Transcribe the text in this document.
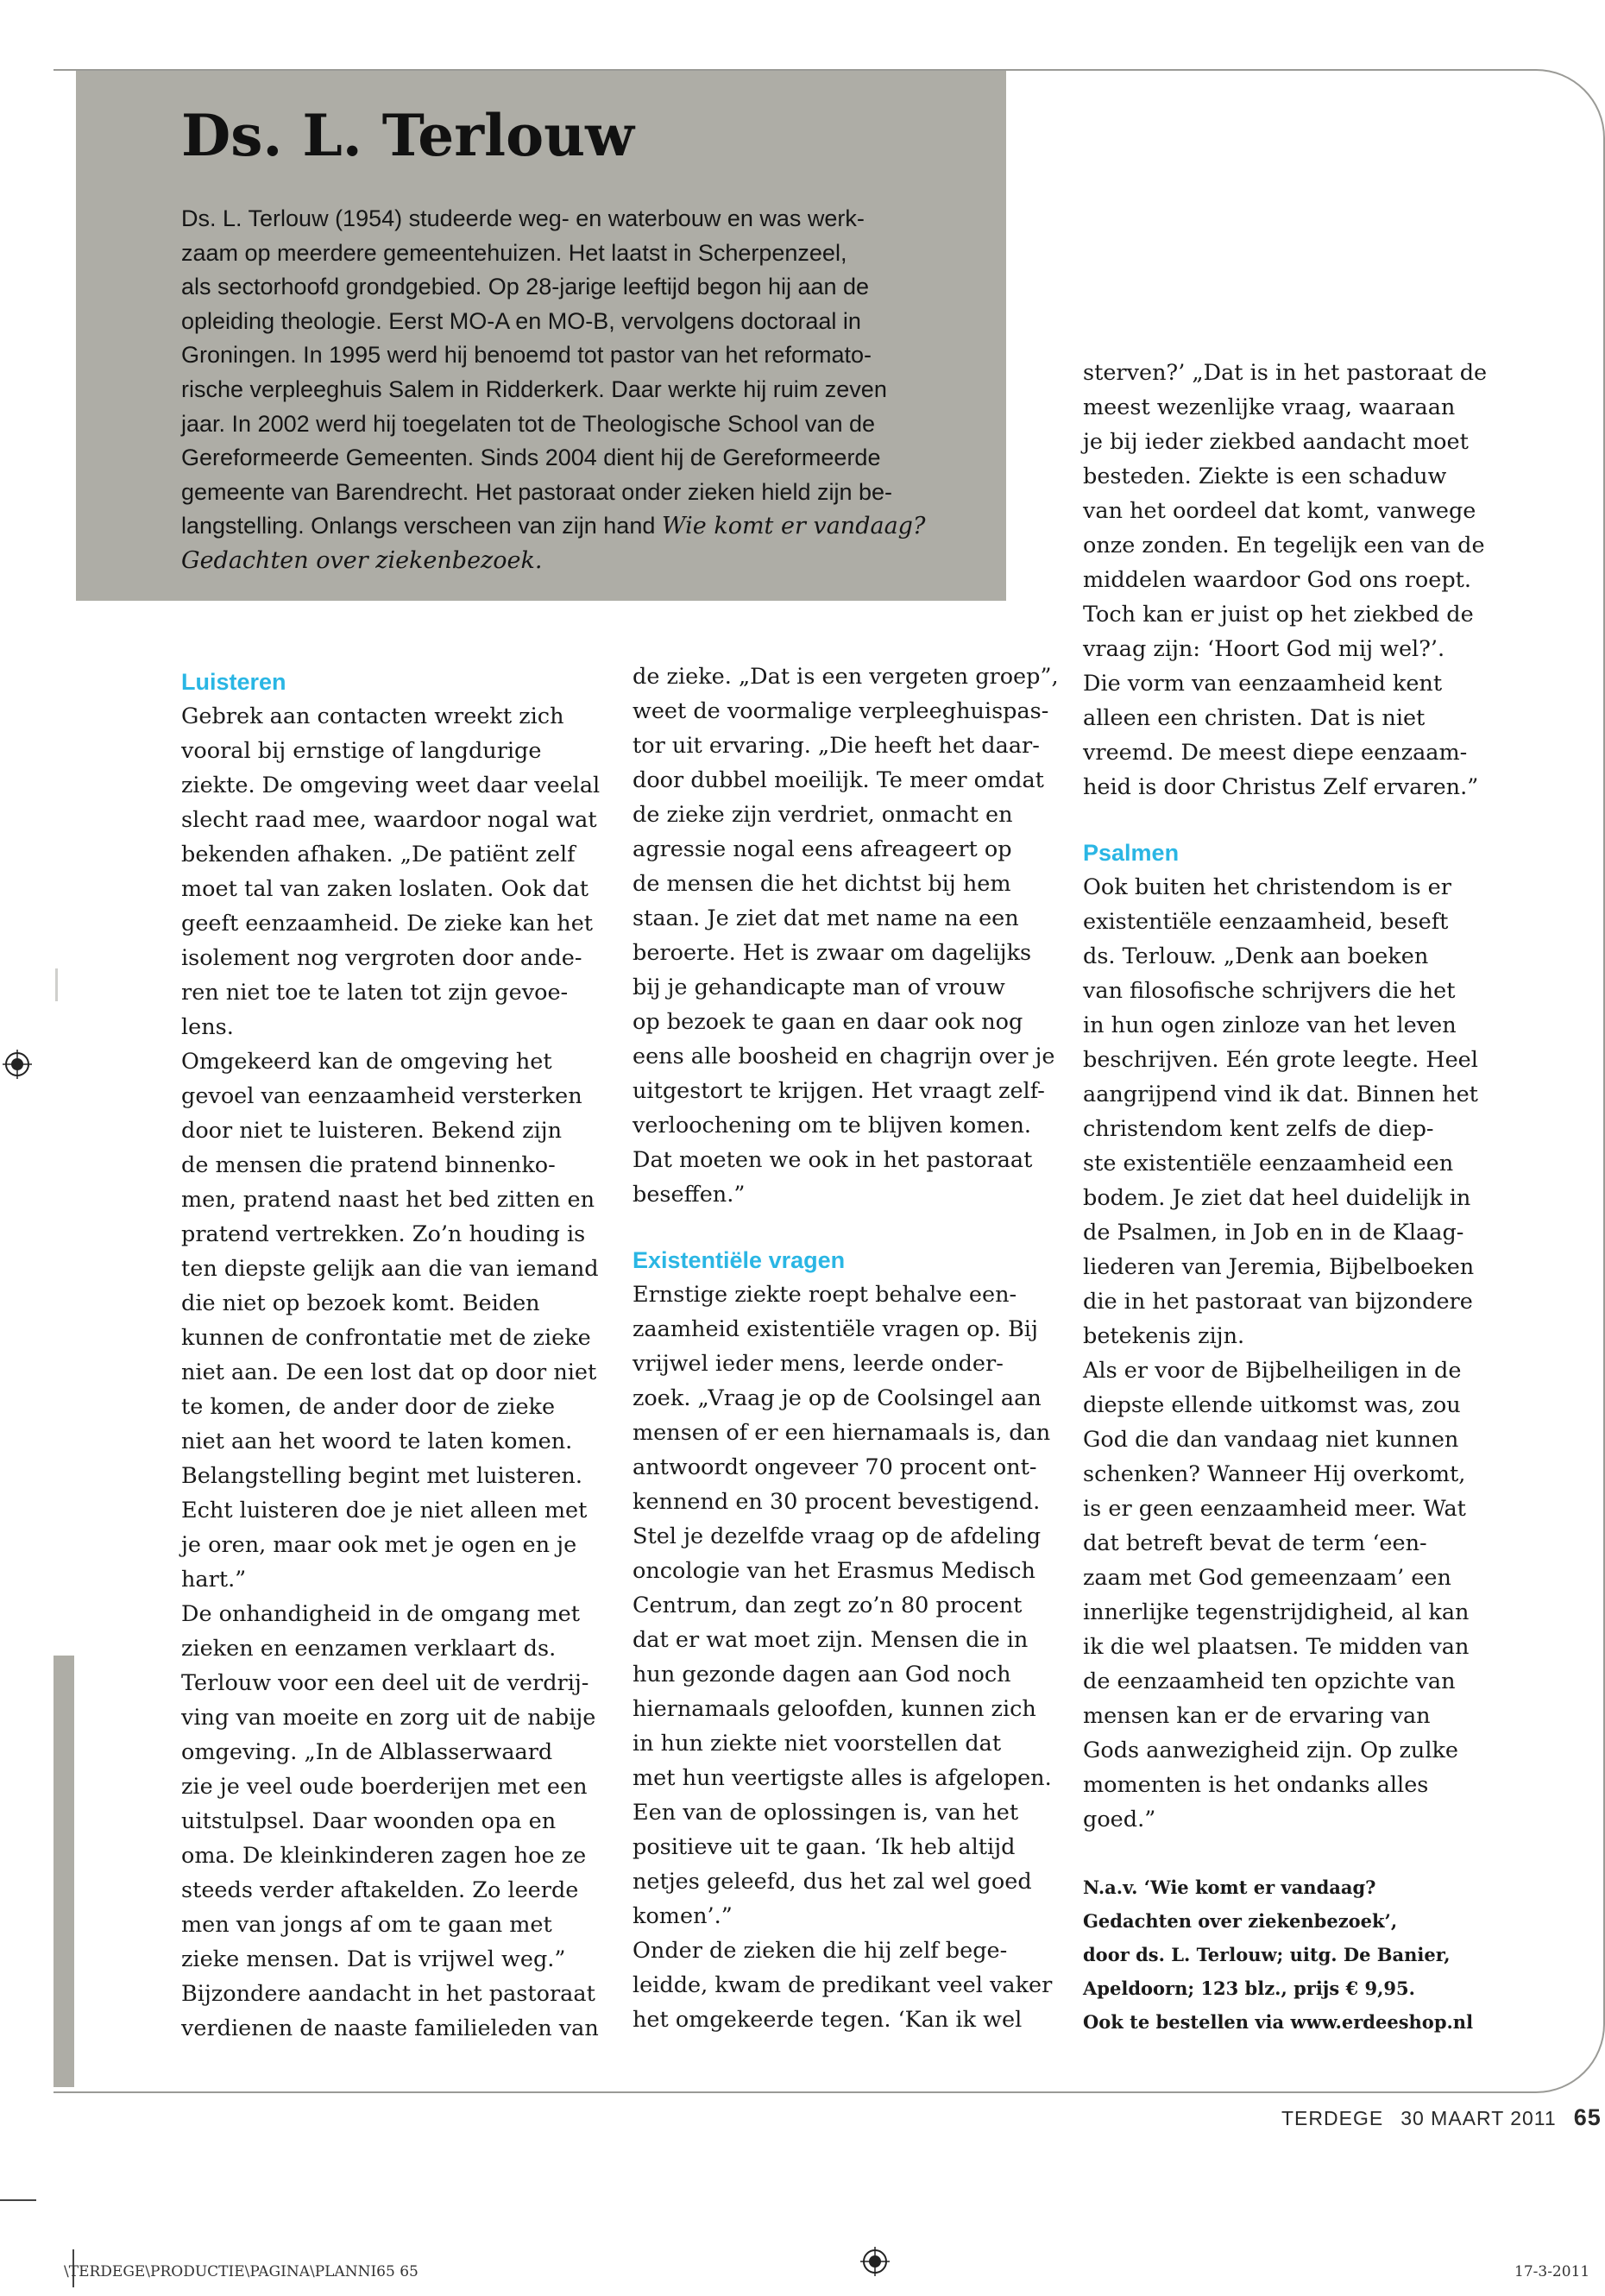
Ds. L. Terlouw

Ds. L. Terlouw (1954) studeerde weg- en waterbouw en was werk-
zaam op meerdere gemeentehuizen. Het laatst in Scherpenzeel,
als sectorhoofd grondgebied. Op 28-jarige leeftijd begon hij aan de
opleiding theologie. Eerst MO-A en MO-B, vervolgens doctoraal in
Groningen. In 1995 werd hij benoemd tot pastor van het reformato-
rische verpleeghuis Salem in Ridderkerk. Daar werkte hij ruim zeven
jaar. In 2002 werd hij toegelaten tot de Theologische School van de
Gereformeerde Gemeenten. Sinds 2004 dient hij de Gereformeerde
gemeente van Barendrecht. Het pastoraat onder zieken hield zijn be-
langstelling. Onlangs verscheen van zijn hand Wie komt er vandaag?
Gedachten over ziekenbezoek.

Luisteren
Gebrek aan contacten wreekt zich
vooral bij ernstige of langdurige
ziekte. De omgeving weet daar veelal
slecht raad mee, waardoor nogal wat
bekenden afhaken. „De patiënt zelf
moet tal van zaken loslaten. Ook dat
geeft eenzaamheid. De zieke kan het
isolement nog vergroten door ande-
ren niet toe te laten tot zijn gevoe-
lens.
Omgekeerd kan de omgeving het
gevoel van eenzaamheid versterken
door niet te luisteren. Bekend zijn
de mensen die pratend binnenko-
men, pratend naast het bed zitten en
pratend vertrekken. Zo’n houding is
ten diepste gelijk aan die van iemand
die niet op bezoek komt. Beiden
kunnen de confrontatie met de zieke
niet aan. De een lost dat op door niet
te komen, de ander door de zieke
niet aan het woord te laten komen.
Belangstelling begint met luisteren.
Echt luisteren doe je niet alleen met
je oren, maar ook met je ogen en je
hart.”
De onhandigheid in de omgang met
zieken en eenzamen verklaart ds.
Terlouw voor een deel uit de verdrij-
ving van moeite en zorg uit de nabije
omgeving. „In de Alblasserwaard
zie je veel oude boerderijen met een
uitstulpsel. Daar woonden opa en
oma. De kleinkinderen zagen hoe ze
steeds verder aftakelden. Zo leerde
men van jongs af om te gaan met
zieke mensen. Dat is vrijwel weg.”
Bijzondere aandacht in het pastoraat
verdienen de naaste familieleden van
de zieke. „Dat is een vergeten groep”,
weet de voormalige verpleeghuispas-
tor uit ervaring. „Die heeft het daar-
door dubbel moeilijk. Te meer omdat
de zieke zijn verdriet, onmacht en
agressie nogal eens afreageert op
de mensen die het dichtst bij hem
staan. Je ziet dat met name na een
beroerte. Het is zwaar om dagelijks
bij je gehandicapte man of vrouw
op bezoek te gaan en daar ook nog
eens alle boosheid en chagrijn over je
uitgestort te krijgen. Het vraagt zelf-
verloochening om te blijven komen.
Dat moeten we ook in het pastoraat
beseffen.”
Existentiële vragen
Ernstige ziekte roept behalve een-
zaamheid existentiële vragen op. Bij
vrijwel ieder mens, leerde onder-
zoek. „Vraag je op de Coolsingel aan
mensen of er een hiernamaals is, dan
antwoordt ongeveer 70 procent ont-
kennend en 30 procent bevestigend.
Stel je dezelfde vraag op de afdeling
oncologie van het Erasmus Medisch
Centrum, dan zegt zo’n 80 procent
dat er wat moet zijn. Mensen die in
hun gezonde dagen aan God noch
hiernamaals geloofden, kunnen zich
in hun ziekte niet voorstellen dat
met hun veertigste alles is afgelopen.
Een van de oplossingen is, van het
positieve uit te gaan. ‘Ik heb altijd
netjes geleefd, dus het zal wel goed
komen’.”
Onder de zieken die hij zelf bege-
leidde, kwam de predikant veel vaker
het omgekeerde tegen. ‘Kan ik wel
sterven?’ „Dat is in het pastoraat de
meest wezenlijke vraag, waaraan
je bij ieder ziekbed aandacht moet
besteden. Ziekte is een schaduw
van het oordeel dat komt, vanwege
onze zonden. En tegelijk een van de
middelen waardoor God ons roept.
Toch kan er juist op het ziekbed de
vraag zijn: ‘Hoort God mij wel?’.
Die vorm van eenzaamheid kent
alleen een christen. Dat is niet
vreemd. De meest diepe eenzaam-
heid is door Christus Zelf ervaren.”
Psalmen
Ook buiten het christendom is er
existentiële eenzaamheid, beseft
ds. Terlouw. „Denk aan boeken
van filosofische schrijvers die het
in hun ogen zinloze van het leven
beschrijven. Eén grote leegte. Heel
aangrijpend vind ik dat. Binnen het
christendom kent zelfs de diep-
ste existentiële eenzaamheid een
bodem. Je ziet dat heel duidelijk in
de Psalmen, in Job en in de Klaag-
liederen van Jeremia, Bijbelboeken
die in het pastoraat van bijzondere
betekenis zijn.
Als er voor de Bijbelheiligen in de
diepste ellende uitkomst was, zou
God die dan vandaag niet kunnen
schenken? Wanneer Hij overkomt,
is er geen eenzaamheid meer. Wat
dat betreft bevat de term ‘een-
zaam met God gemeenzaam’ een
innerlijke tegenstrijdigheid, al kan
ik die wel plaatsen. Te midden van
de eenzaamheid ten opzichte van
mensen kan er de ervaring van
Gods aanwezigheid zijn. Op zulke
momenten is het ondanks alles
goed.”

N.a.v. ‘Wie komt er vandaag?
Gedachten over ziekenbezoek’,
door ds. L. Terlouw; uitg. De Banier,
Apeldoorn; 123 blz., prijs € 9,95.
Ook te bestellen via www.erdeeshop.nl

TERDEGE 30 MAART 2011 65
\TERDEGE\PRODUCTIE\PAGINA\PLANNI65 65	17-3-2011
